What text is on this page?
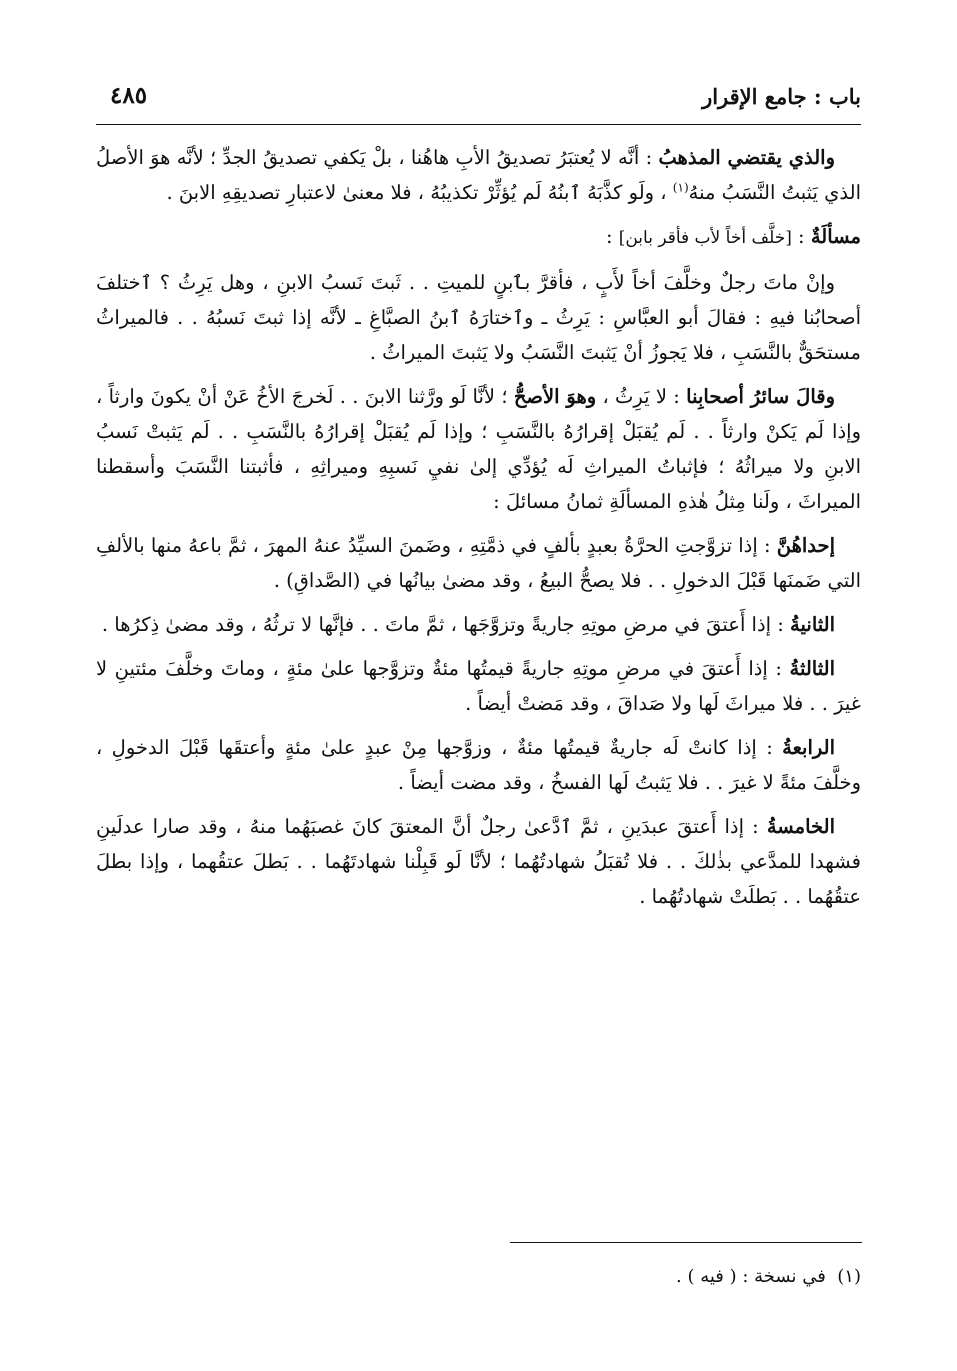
باب : جامع الإقرار
٤٨٥

والذي يقتضي المذهبُ : أنَّه لا يُعتبَرُ تصديقُ الأبِ هاهُنا ، بلْ يَكفي تصديقُ الجدِّ ؛ لأنَّه هوَ الأصلُ الذي يَثبتُ النَّسَبُ منهُ$^{(١)}$ ، ولَو كذَّبَهُ ٱبنُهُ لَم يُؤثِّرْ تكذيبُهُ ، فلا معنىٰ لاعتبارِ تصديقِهِ الابنَ .

مسألَةٌ : [خلَّف أخاً لأب فأقر بابن] :

وإنْ ماتَ رجلٌ وخلَّفَ أخاً لأَبٍ ، فأقرَّ بٱبنٍ للميتِ . . ثَبتَ نَسبُ الابنِ ، وهل يَرِثُ ؟ ٱختلفَ أصحابُنا فيهِ : فقالَ أبو العبَّاسِ : يَرِثُ ـ وٱختارَهُ ٱبنُ الصبَّاغِ ـ لأنَّه إذا ثبتَ نَسبُهُ . . فالميراثُ مستحَقٌّ بالنَّسَبِ ، فلا يَجوزُ أنْ يَثبتَ النَّسَبُ ولا يَثبتَ الميراثُ .

وقالَ سائرُ أصحابِنا : لا يَرِثُ ، وهوَ الأصحُّ ؛ لأنَّا لَو ورَّثنا الابنَ . . لَخرجَ الأخُ عَنْ أنْ يكونَ وارثاً ، وإذا لَم يَكنْ وارثاً . . لَم يُقبَلْ إقرارُهُ بالنَّسَبِ ؛ وإذا لَم يُقبَلْ إقرارُهُ بالنَّسَبِ . . لَم يَثبتْ نَسبُ الابنِ ولا ميراثُهُ ؛ فإثباتُ الميراثِ لَه يُؤدِّي إلىٰ نفيِ نَسبِهِ وميراثِهِ ، فأثبتنا النَّسَبَ وأسقطنا الميراثَ ، ولَنا مِثلُ هٰذهِ المسألَةِ ثمانُ مسائلَ :

إحداهُنَّ : إذا تزوَّجتِ الحرَّةُ بعبدٍ بألفٍ في ذمَّتِهِ ، وضَمنَ السيِّدُ عنهُ المهرَ ، ثمَّ باعهُ منها بالألفِ التي ضَمنَها قَبْلَ الدخولِ . . فلا يصحُّ البيعُ ، وقد مضىٰ بيانُها في (الصَّداقِ) .

الثانيةُ : إذا أَعتقَ في مرضِ موتِهِ جاريةً وتزوَّجَها ، ثمَّ ماتَ . . فإنَّها لا ترثُهُ ، وقد مضىٰ ذِكرُها .

الثالثةُ : إذا أَعتقَ في مرضِ موتِهِ جاريةً قيمتُها مئةٌ وتزوَّجها علىٰ مئةٍ ، وماتَ وخلَّفَ مئتينِ لا غيرَ . . فلا ميراثَ لَها ولا صَداقَ ، وقد مَضتْ أيضاً .

الرابعةُ : إذا كانتْ لَه جاريةٌ قيمتُها مئةٌ ، وزوَّجها مِنْ عبدٍ علىٰ مئةٍ وأعتقَها قَبْلَ الدخولِ ، وخلَّفَ مئةً لا غيرَ . . فلا يَثبتُ لَها الفسخُ ، وقد مضت أيضاً .

الخامسةُ : إذا أَعتقَ عبدَينِ ، ثمَّ ٱدَّعىٰ رجلٌ أنَّ المعتقَ كانَ غصبَهُما منهُ ، وقد صارا عدلَينِ فشهدا للمدَّعي بذٰلكَ . . فلا تُقبَلُ شهادتُهُما ؛ لأنَّا لَو قَبِلْنا شهادتَهُما . . بَطلَ عتقُهما ، وإذا بطلَ عتقُهُما . . بَطلَتْ شهادتُهُما .

(١)  في نسخة : ( فيه ) .
